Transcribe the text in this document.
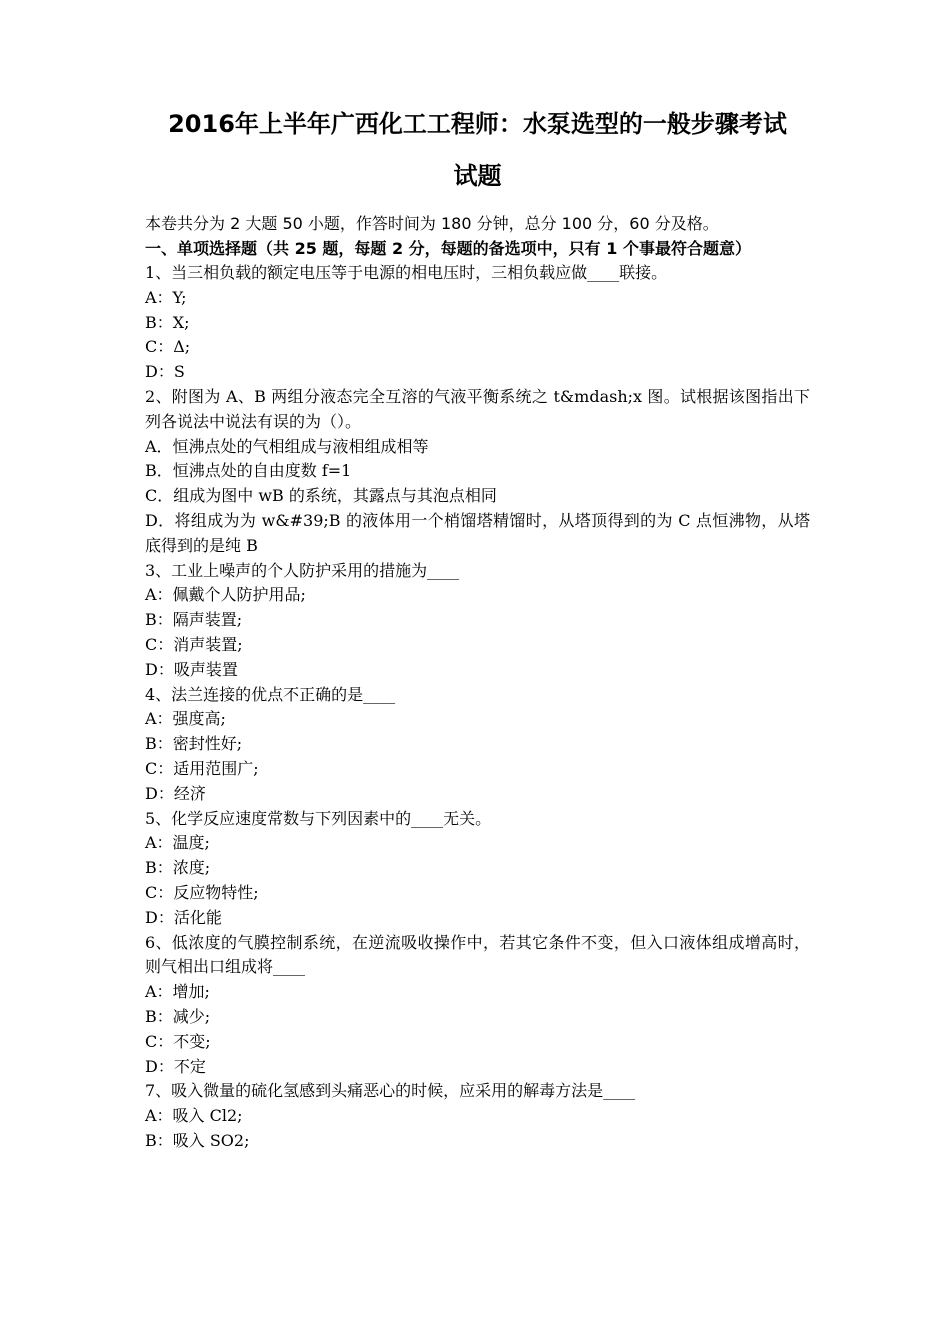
2016年上半年广西化工工程师：水泵选型的一般步骤考试
试题
本卷共分为 2 大题 50 小题，作答时间为 180 分钟，总分 100 分，60 分及格。
一、单项选择题（共 25 题，每题 2 分，每题的备选项中，只有 1 个事最符合题意）

1、当三相负载的额定电压等于电源的相电压时，三相负载应做____联接。

A：Y;

B：X;

C：Δ;

D：S

2、附图为 A、B 两组分液态完全互溶的气液平衡系统之 t&mdash;x 图。试根据该图指出下列各说法中说法有误的为（）。

A．恒沸点处的气相组成与液相组成相等

B．恒沸点处的自由度数 f=1

C．组成为图中 wB 的系统，其露点与其泡点相同

D．将组成为为 w&#39;B 的液体用一个梢馏塔精馏时，从塔顶得到的为 C 点恒沸物，从塔底得到的是纯 B

3、工业上噪声的个人防护采用的措施为____

A：佩戴个人防护用品;

B：隔声装置;

C：消声装置;

D：吸声装置

4、法兰连接的优点不正确的是____

A：强度高;

B：密封性好;

C：适用范围广;

D：经济

5、化学反应速度常数与下列因素中的____无关。

A：温度;

B：浓度;

C：反应物特性;

D：活化能

6、低浓度的气膜控制系统，在逆流吸收操作中，若其它条件不变，但入口液体组成增高时，则气相出口组成将____

A：增加;

B：减少;

C：不变;

D：不定

7、吸入微量的硫化氢感到头痛恶心的时候，应采用的解毒方法是____

A：吸入 Cl2;

B：吸入 SO2;
